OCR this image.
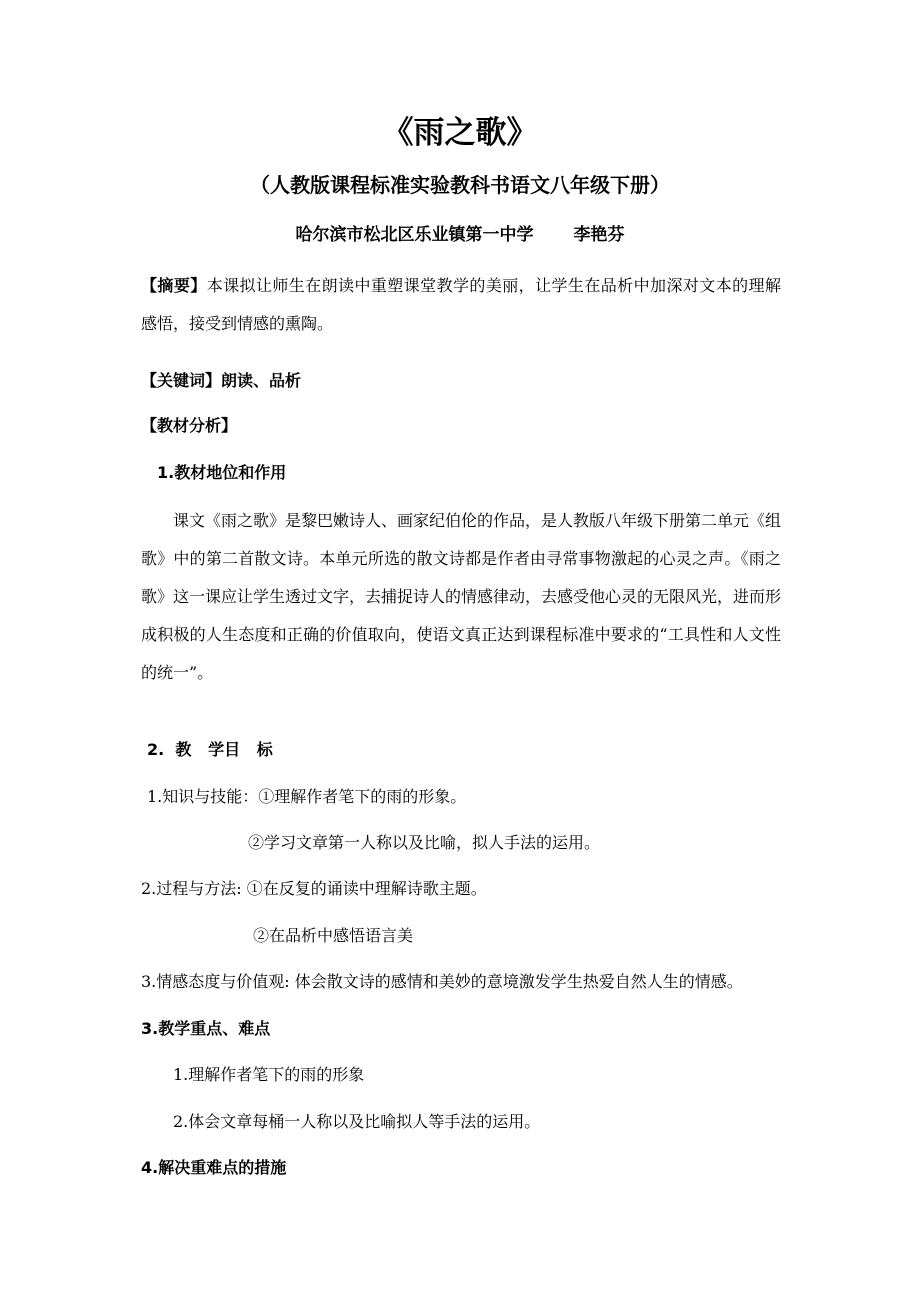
《雨之歌》
（人教版课程标准实验教科书语文八年级下册）
哈尔滨市松北区乐业镇第一中学 李艳芬

【摘要】本课拟让师生在朗读中重塑课堂教学的美丽，让学生在品析中加深对文本的理解感悟，接受到情感的熏陶。

【关键词】朗读、品析
【教材分析】
1.教材地位和作用

课文《雨之歌》是黎巴嫩诗人、画家纪伯伦的作品，是人教版八年级下册第二单元《组歌》中的第二首散文诗。本单元所选的散文诗都是作者由寻常事物激起的心灵之声。《雨之歌》这一课应让学生透过文字，去捕捉诗人的情感律动，去感受他心灵的无限风光，进而形成积极的人生态度和正确的价值取向，使语文真正达到课程标准中要求的“工具性和人文性的统一”。

2.  教   学目   标
1.知识与技能：①理解作者笔下的雨的形象。
②学习文章第一人称以及比喻，拟人手法的运用。
2.过程与方法: ①在反复的诵读中理解诗歌主题。
②在品析中感悟语言美
3.情感态度与价值观: 体会散文诗的感情和美妙的意境激发学生热爱自然人生的情感。
3.教学重点、难点
1.理解作者笔下的雨的形象
2.体会文章每桶一人称以及比喻拟人等手法的运用。
4.解决重难点的措施
